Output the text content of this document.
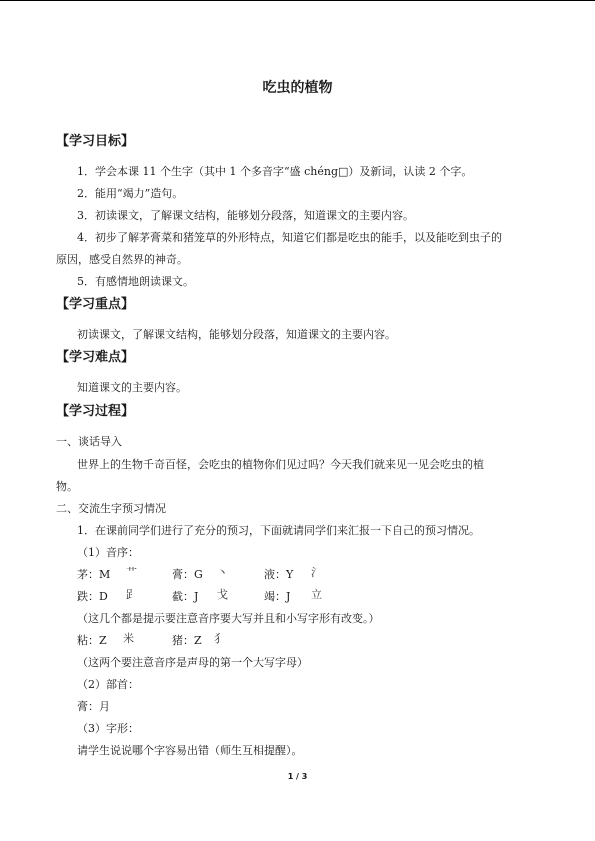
吃虫的植物
【学习目标】
1．学会本课 11 个生字（其中 1 个多音字“盛 chéng□）及新词，认读 2 个字。
2．能用“竭力”造句。
3．初读课文，了解课文结构，能够划分段落，知道课文的主要内容。
4．初步了解茅膏菜和猪笼草的外形特点，知道它们都是吃虫的能手，以及能吃到虫子的
原因，感受自然界的神奇。
5．有感情地朗读课文。
【学习重点】
初读课文，了解课文结构，能够划分段落，知道课文的主要内容。
【学习难点】
知道课文的主要内容。
【学习过程】
一、谈话导入
世界上的生物千奇百怪，会吃虫的植物你们见过吗？今天我们就来见一见会吃虫的植
物。
二、交流生字预习情况
1．在课前同学们进行了充分的预习，下面就请同学们来汇报一下自己的预习情况。
（1）音序：
茅：M 艹	膏：G 丶	液：Y 氵
跌：D 𧾷	截：J 戈	竭：J 立
（这几个都是提示要注意音序要大写并且和小写字形有改变。）
粘：Z 米	猪：Z 犭
（这两个要注意音序是声母的第一个大写字母）
（2）部首：
膏：月
（3）字形：
请学生说说哪个字容易出错（师生互相提醒）。
1 / 3
